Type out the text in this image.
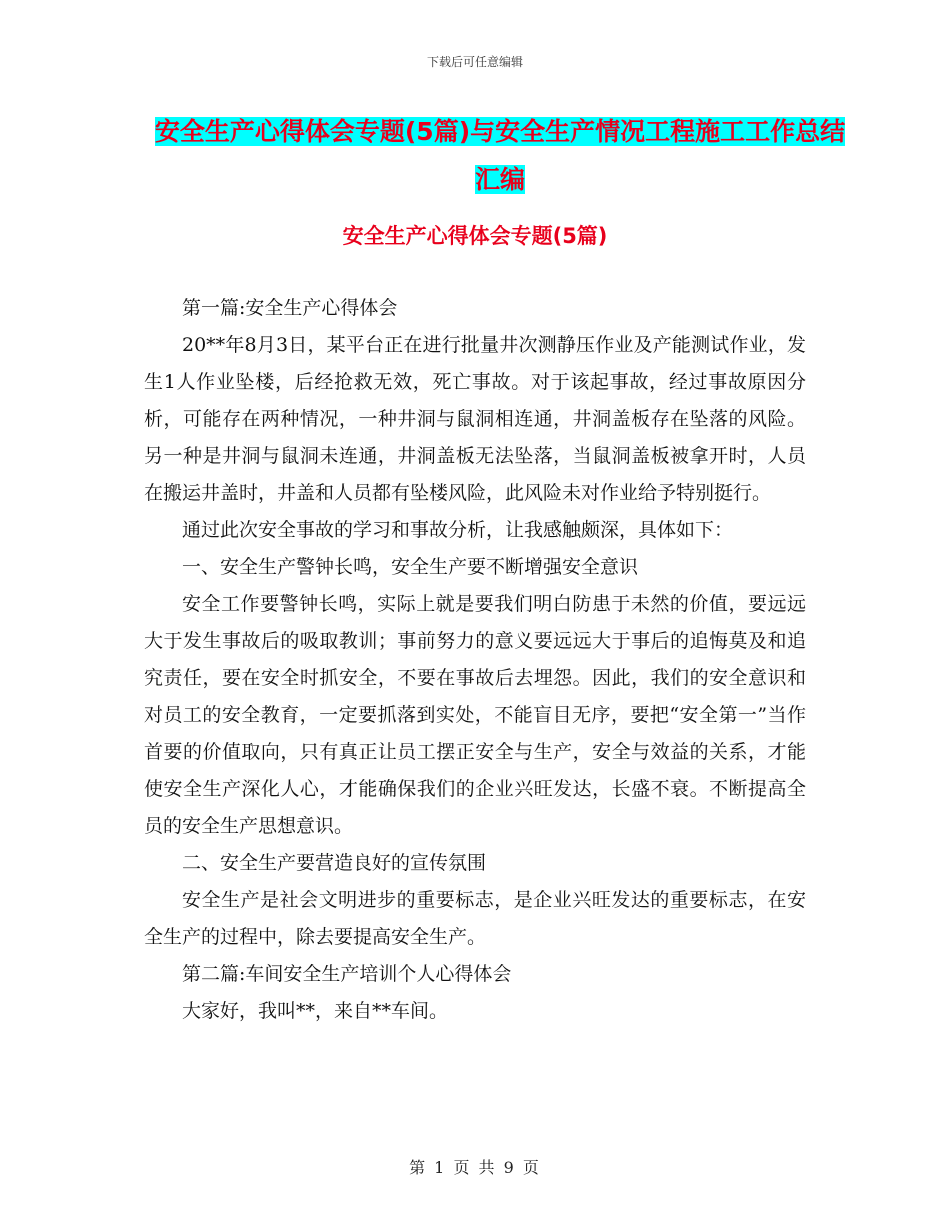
下载后可任意编辑
安全生产心得体会专题(5篇)与安全生产情况工程施工工作总结汇编
安全生产心得体会专题(5篇)

第一篇:安全生产心得体会

20**年8月3日，某平台正在进行批量井次测静压作业及产能测试作业，发生1人作业坠楼，后经抢救无效，死亡事故。对于该起事故，经过事故原因分析，可能存在两种情况，一种井洞与鼠洞相连通，井洞盖板存在坠落的风险。另一种是井洞与鼠洞未连通，井洞盖板无法坠落，当鼠洞盖板被拿开时，人员在搬运井盖时，井盖和人员都有坠楼风险，此风险未对作业给予特别挺行。

通过此次安全事故的学习和事故分析，让我感触颇深，具体如下：

一、安全生产警钟长鸣，安全生产要不断增强安全意识

安全工作要警钟长鸣，实际上就是要我们明白防患于未然的价值，要远远大于发生事故后的吸取教训；事前努力的意义要远远大于事后的追悔莫及和追究责任，要在安全时抓安全，不要在事故后去埋怨。因此，我们的安全意识和对员工的安全教育，一定要抓落到实处，不能盲目无序，要把“安全第一”当作首要的价值取向，只有真正让员工摆正安全与生产，安全与效益的关系，才能使安全生产深化人心，才能确保我们的企业兴旺发达，长盛不衰。不断提高全员的安全生产思想意识。

二、安全生产要营造良好的宣传氛围

安全生产是社会文明进步的重要标志，是企业兴旺发达的重要标志，在安全生产的过程中，除去要提高安全生产。

第二篇:车间安全生产培训个人心得体会

大家好，我叫**，来自**车间。

第 1 页 共 9 页
